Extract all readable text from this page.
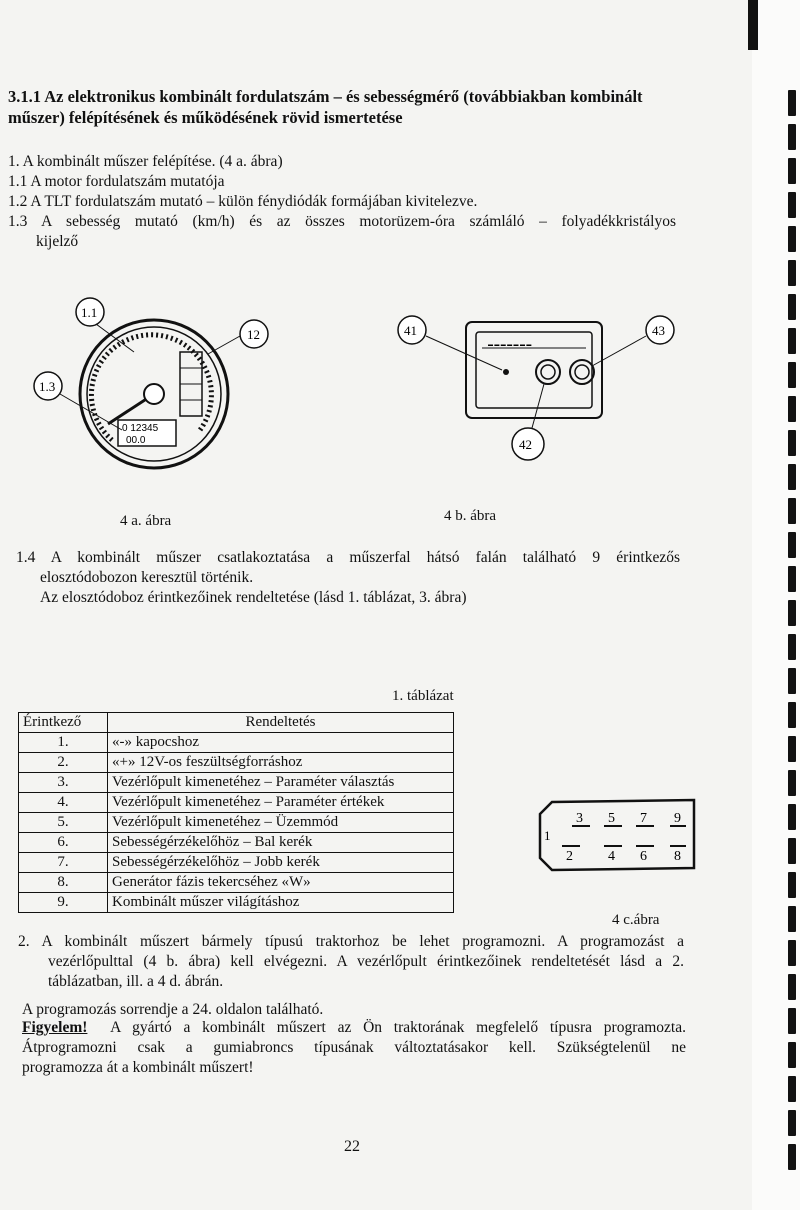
3.1.1 Az elektronikus kombinált fordulatszám – és sebességmérő (továbbiakban kombinált műszer) felépítésének és működésének rövid ismertetése
1. A kombinált műszer felépítése. (4 a. ábra)
1.1 A motor fordulatszám mutatója
1.2 A TLT fordulatszám mutató – külön fénydiódák formájában kivitelezve.
1.3 A sebesség mutató (km/h) és az összes motorüzem-óra számláló – folyadékkristályos
kijelző
0 12345
00.0
1.1
12
1.3
4 a. ábra
▬ ▬ ▬ ▬ ▬ ▬ ▬
41	43
42
4 b. ábra
1.4 A kombinált műszer csatlakoztatása a műszerfal hátsó falán található 9 érintkezős
elosztódobozon keresztül történik.
Az elosztódoboz érintkezőinek rendeltetése (lásd 1. táblázat, 3. ábra)
1. táblázat
Érintkező	Rendeltetés
1.	«-» kapocshoz
2.	«+» 12V-os feszültségforráshoz
3.	Vezérlőpult kimenetéhez – Paraméter választás
4.	Vezérlőpult kimenetéhez – Paraméter értékek
5.	Vezérlőpult kimenetéhez – Üzemmód
6.	Sebességérzékelőhöz – Bal kerék
7.	Sebességérzékelőhöz – Jobb kerék
8.	Generátor fázis tekercséhez «W»
9.	Kombinált műszer világításhoz
1
3 5 7 9
2	4 6 8
4 c.ábra
2. A kombinált műszert bármely típusú traktorhoz be lehet programozni. A programozást a
vezérlőpulttal (4 b. ábra) kell elvégezni. A vezérlőpult érintkezőinek rendeltetését lásd a 2.
táblázatban, ill. a 4 d. ábrán.
A programozás sorrendje a 24. oldalon található.
Figyelem! A gyártó a kombinált műszert az Ön traktorának megfelelő típusra programozta.
Átprogramozni csak a gumiabroncs típusának változtatásakor kell. Szükségtelenül ne
programozza át a kombinált műszert!
22
